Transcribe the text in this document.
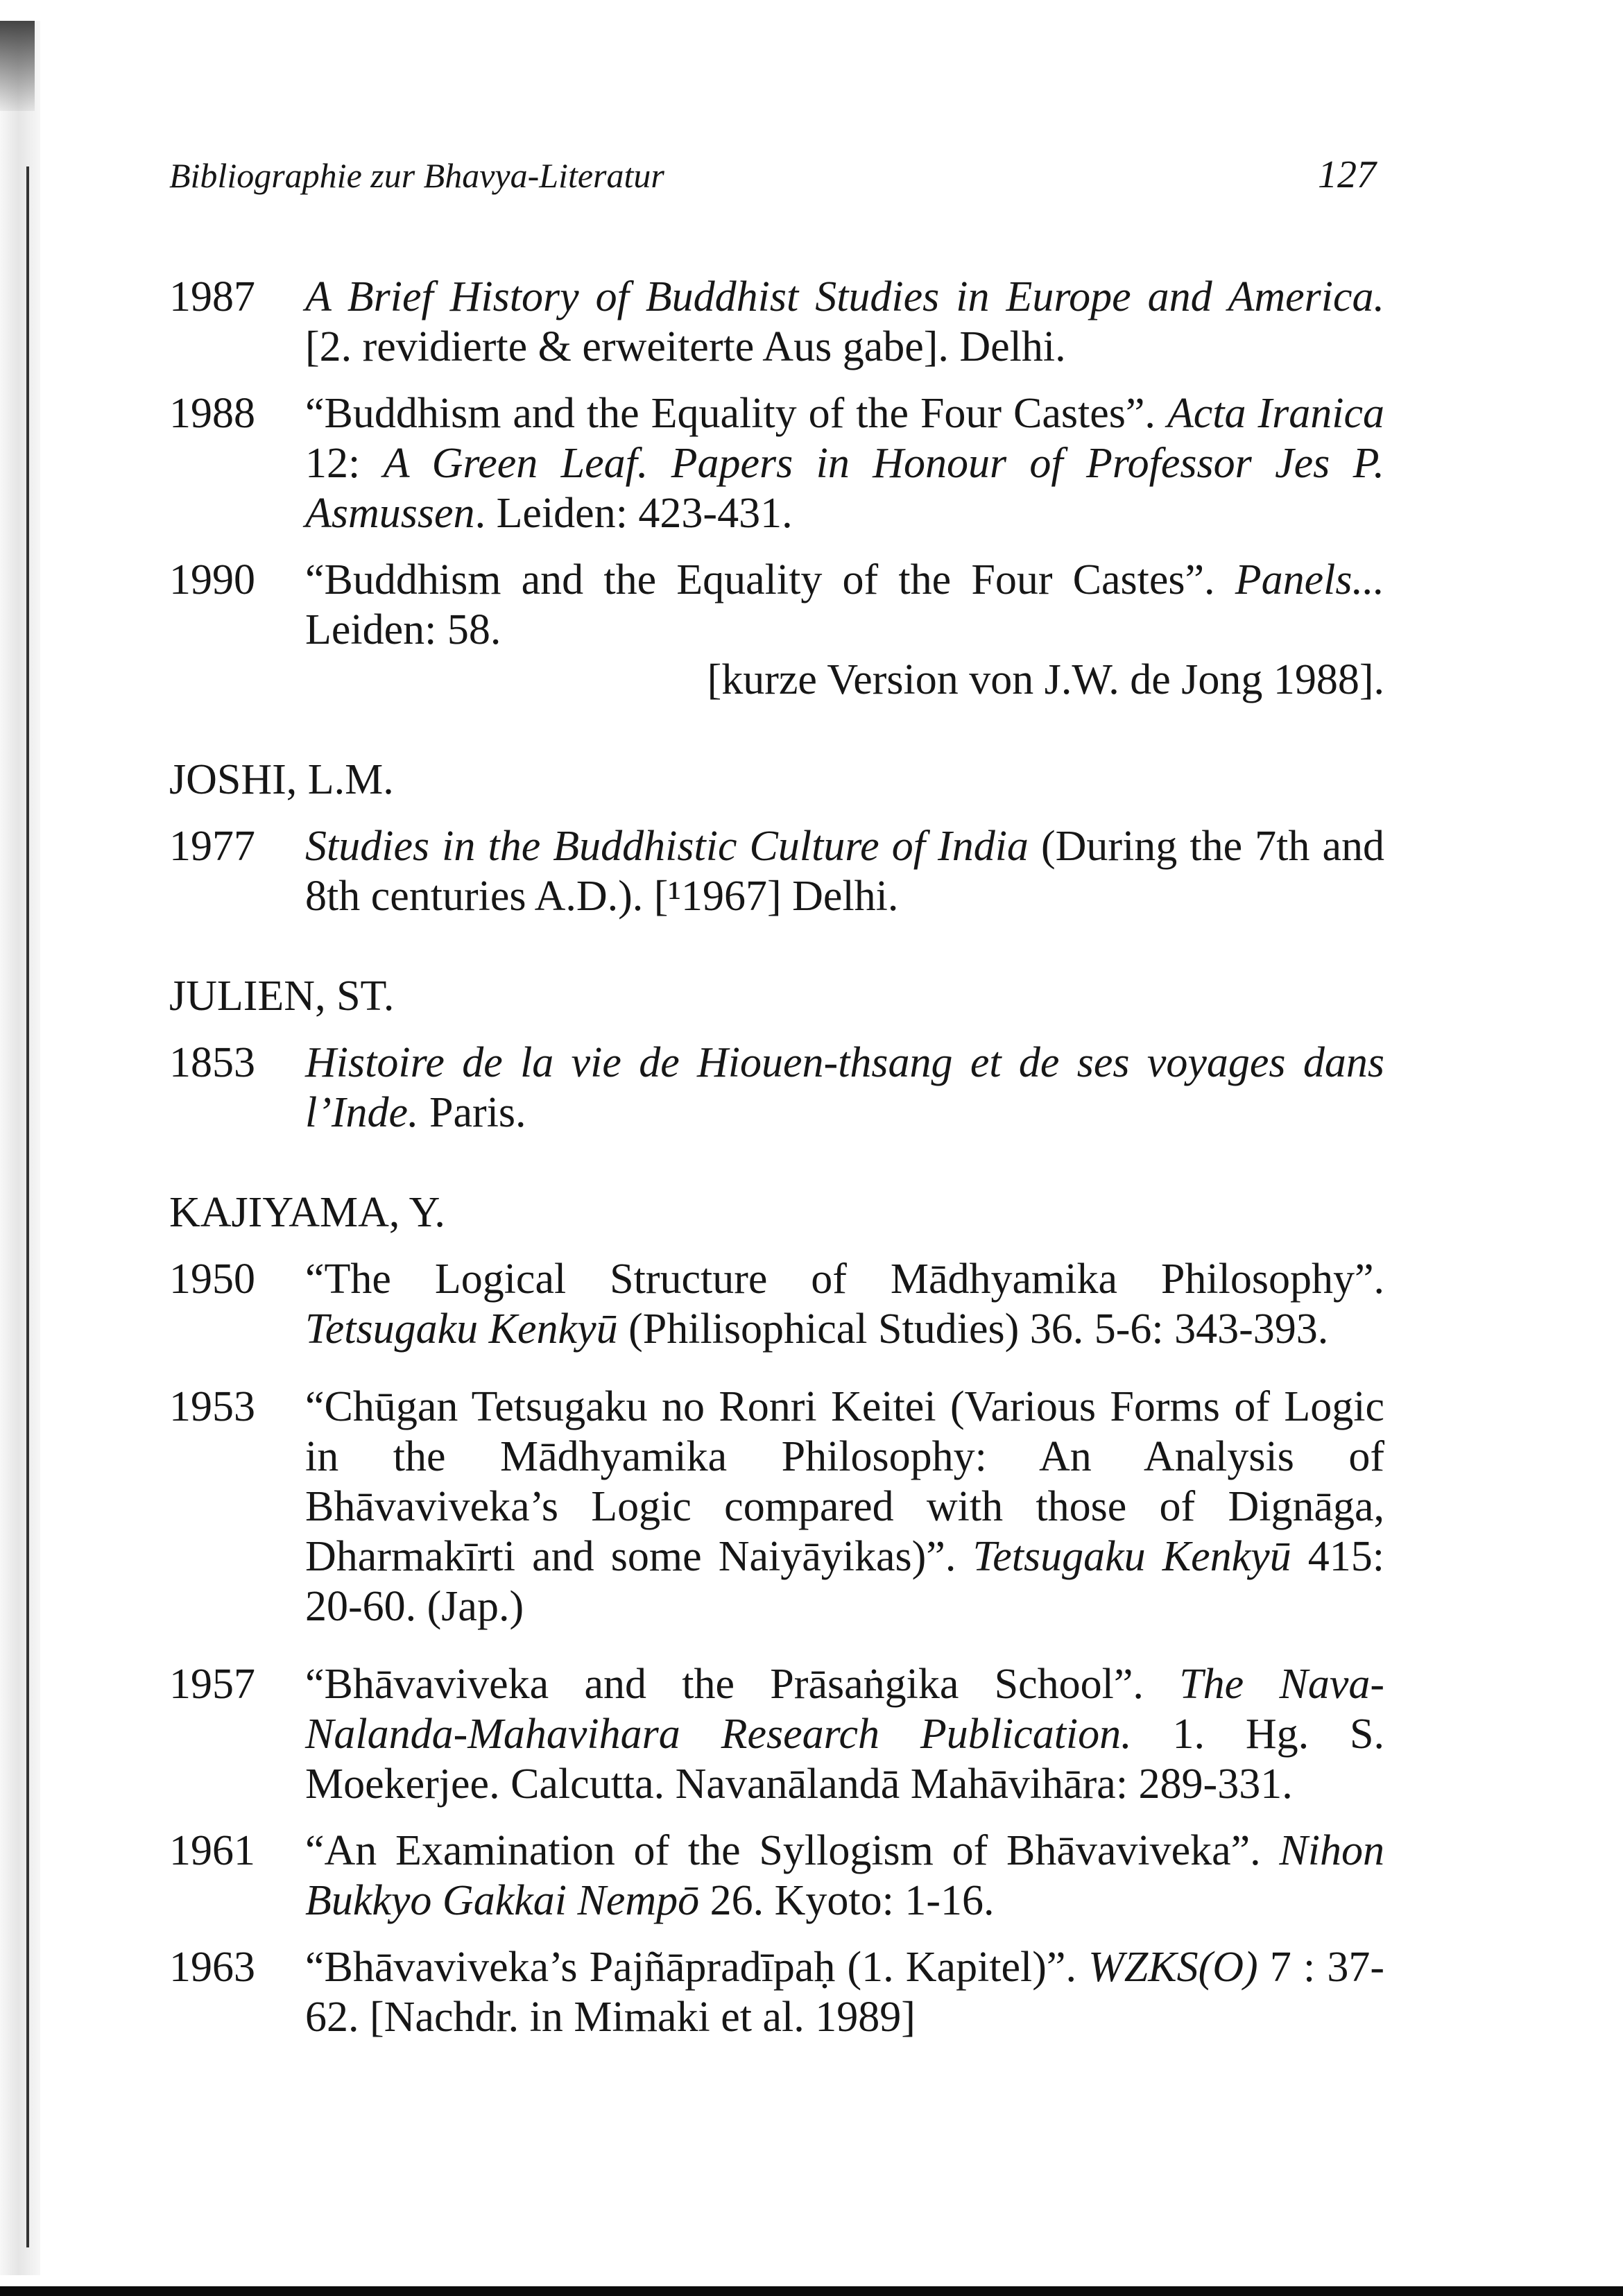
Bibliographie zur Bhavya-Literatur	127
1987 A Brief History of Buddhist Studies in Europe and America. [2. revidierte & erweiterte Aus gabe]. Delhi.
1988 “Buddhism and the Equality of the Four Castes”. Acta Iranica 12: A Green Leaf. Papers in Honour of Professor Jes P. Asmussen. Leiden: 423-431.
1990 “Buddhism and the Equality of the Four Castes”. Panels... Leiden: 58.
[kurze Version von J.W. de Jong 1988].
JOSHI, L.M.
1977 Studies in the Buddhistic Culture of India (During the 7th and 8th centuries A.D.). [¹1967] Delhi.
JULIEN, ST.
1853 Histoire de la vie de Hiouen-thsang et de ses voyages dans l’Inde. Paris.
KAJIYAMA, Y.
1950 “The Logical Structure of Mādhyamika Philosophy”. Tetsugaku Kenkyū (Philisophical Studies) 36. 5-6: 343-393.
1953 “Chūgan Tetsugaku no Ronri Keitei (Various Forms of Logic in the Mādhyamika Philosophy: An Analysis of Bhāvaviveka’s Logic compared with those of Dignāga, Dharmakīrti and some Naiyāyikas)”. Tetsugaku Kenkyū 415: 20-60. (Jap.)
1957 “Bhāvaviveka and the Prāsaṅgika School”. The Nava-Nalanda-Mahavihara Research Publication. 1. Hg. S. Moekerjee. Calcutta. Navanālandā Mahāvihāra: 289-331.
1961 “An Examination of the Syllogism of Bhāvaviveka”. Nihon Bukkyo Gakkai Nempō 26. Kyoto: 1-16.
1963 “Bhāvaviveka’s Pajñāpradīpaḥ (1. Kapitel)”. WZKS(O) 7 : 37-62. [Nachdr. in Mimaki et al. 1989]
